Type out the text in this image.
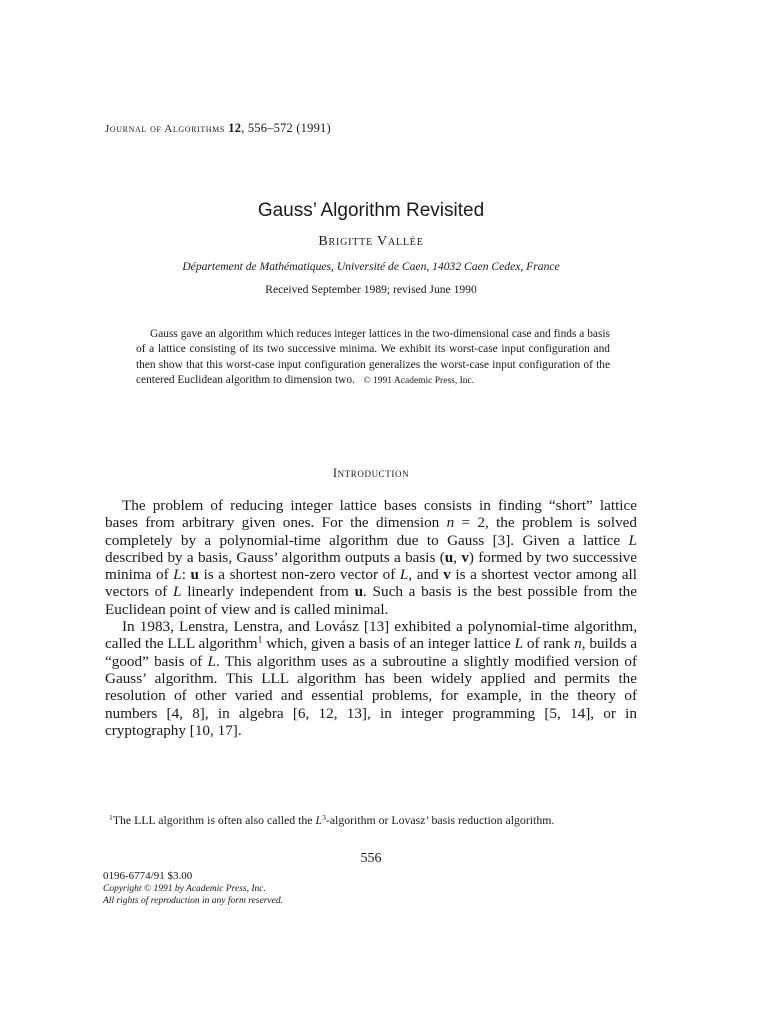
Journal of Algorithms 12, 556–572 (1991)
Gauss’ Algorithm Revisited
Brigitte Vallée
Département de Mathématiques, Université de Caen, 14032 Caen Cedex, France
Received September 1989; revised June 1990

Gauss gave an algorithm which reduces integer lattices in the two-dimensional case and finds a basis of a lattice consisting of its two successive minima. We exhibit its worst-case input configuration and then show that this worst-case input configuration generalizes the worst-case input configuration of the centered Euclidean algorithm to dimension two. © 1991 Academic Press, Inc.

Introduction

The problem of reducing integer lattice bases consists in finding “short” lattice bases from arbitrary given ones. For the dimension n = 2, the problem is solved completely by a polynomial-time algorithm due to Gauss [3]. Given a lattice L described by a basis, Gauss’ algorithm outputs a basis (u, v) formed by two successive minima of L: u is a shortest non-zero vector of L, and v is a shortest vector among all vectors of L linearly independent from u. Such a basis is the best possible from the Euclidean point of view and is called minimal.

In 1983, Lenstra, Lenstra, and Lovász [13] exhibited a polynomial-time algorithm, called the LLL algorithm$^1$ which, given a basis of an integer lattice L of rank n, builds a “good” basis of L. This algorithm uses as a subroutine a slightly modified version of Gauss’ algorithm. This LLL algorithm has been widely applied and permits the resolution of other varied and essential problems, for example, in the theory of numbers [4, 8], in algebra [6, 12, 13], in integer programming [5, 14], or in cryptography [10, 17].

$^1$The LLL algorithm is often also called the $L^3$-algorithm or Lovasz’ basis reduction algorithm.

556
0196-6774/91 $3.00
Copyright © 1991 by Academic Press, Inc.
All rights of reproduction in any form reserved.
